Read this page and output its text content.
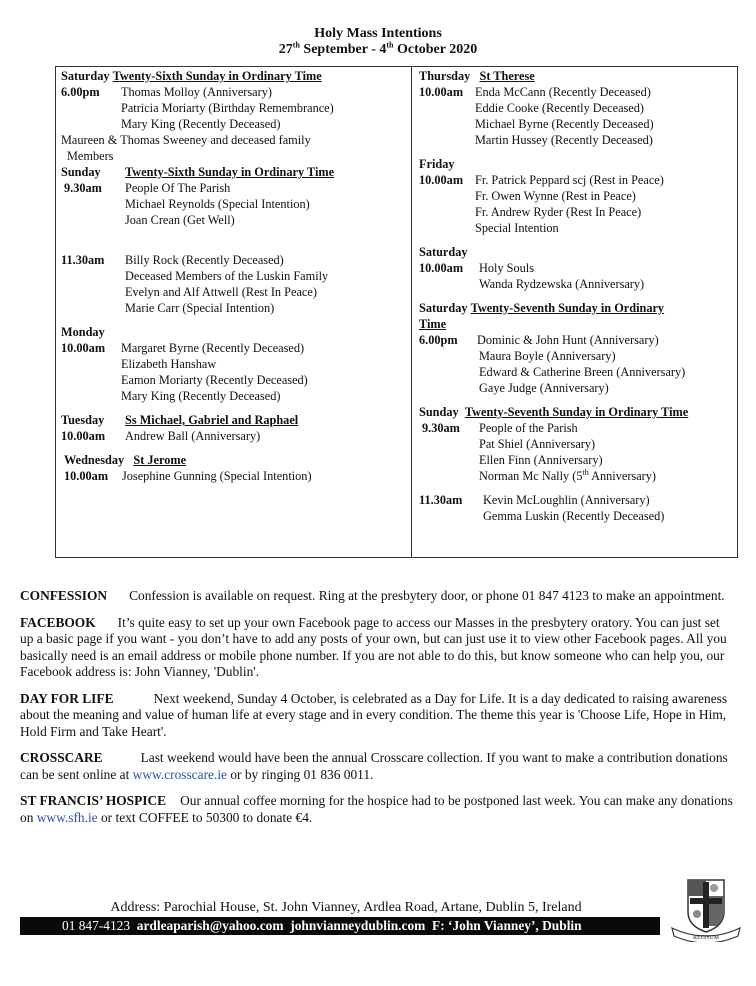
Holy Mass Intentions
27th September - 4th October 2020
Saturday Twenty-Sixth Sunday in Ordinary Time
6.00pm Thomas Molloy (Anniversary)
Patricia Moriarty (Birthday Remembrance)
Mary King (Recently Deceased)
Maureen & Thomas Sweeney and deceased family
Members
Sunday Twenty-Sixth Sunday in Ordinary Time
9.30am People Of The Parish
Michael Reynolds (Special Intention)
Joan Crean (Get Well)
11.30am Billy Rock (Recently Deceased)
Deceased Members of the Luskin Family
Evelyn and Alf Attwell (Rest In Peace)
Marie Carr (Special Intention)
Monday
10.00am Margaret Byrne (Recently Deceased)
Elizabeth Hanshaw
Eamon Moriarty (Recently Deceased)
Mary King (Recently Deceased)
Tuesday Ss Michael, Gabriel and Raphael
10.00am Andrew Ball (Anniversary)
Wednesday St Jerome
10.00am Josephine Gunning (Special Intention)
Thursday St Therese
10.00am Enda McCann (Recently Deceased)
Eddie Cooke (Recently Deceased)
Michael Byrne (Recently Deceased)
Martin Hussey (Recently Deceased)
Friday
10.00am Fr. Patrick Peppard scj (Rest in Peace)
Fr. Owen Wynne (Rest in Peace)
Fr. Andrew Ryder (Rest In Peace)
Special Intention
Saturday
10.00am Holy Souls
Wanda Rydzewska (Anniversary)
Saturday Twenty-Seventh Sunday in Ordinary
Time
6.00pm Dominic & John Hunt (Anniversary)
Maura Boyle (Anniversary)
Edward & Catherine Breen (Anniversary)
Gaye Judge (Anniversary)
Sunday Twenty-Seventh Sunday in Ordinary Time
9.30am People of the Parish
Pat Shiel (Anniversary)
Ellen Finn (Anniversary)
Norman Mc Nally (5th Anniversary)
11.30am Kevin McLoughlin (Anniversary)
Gemma Luskin (Recently Deceased)

CONFESSION Confession is available on request. Ring at the presbytery door, or phone 01 847 4123 to make an appointment.

FACEBOOK It’s quite easy to set up your own Facebook page to access our Masses in the presbytery oratory. You can just set up a basic page if you want - you don’t have to add any posts of your own, but can just use it to view other Facebook pages. All you basically need is an email address or mobile phone number. If you are not able to do this, but know someone who can help you, our Facebook address is: John Vianney, 'Dublin'.

DAY FOR LIFE	Next weekend, Sunday 4 October, is celebrated as a Day for Life. It is a day dedicated to raising awareness about the meaning and value of human life at every stage and in every condition. The theme this year is 'Choose Life, Hope in Him, Hold Firm and Take Heart'.

CROSSCARE	Last weekend would have been the annual Crosscare collection. If you want to make a contribution donations can be sent online at www.crosscare.ie or by ringing 01 836 0011.

ST FRANCIS’ HOSPICE Our annual coffee morning for the hospice had to be postponed last week. You can make any donations on www.sfh.ie or text COFFEE to 50300 to donate €4.

Address: Parochial House, St. John Vianney, Ardlea Road, Artane, Dublin 5, Ireland
01 847-4123 ardleaparish@yahoo.com johnvianneydublin.com F: ‘John Vianney’, Dublin
REGNUM
